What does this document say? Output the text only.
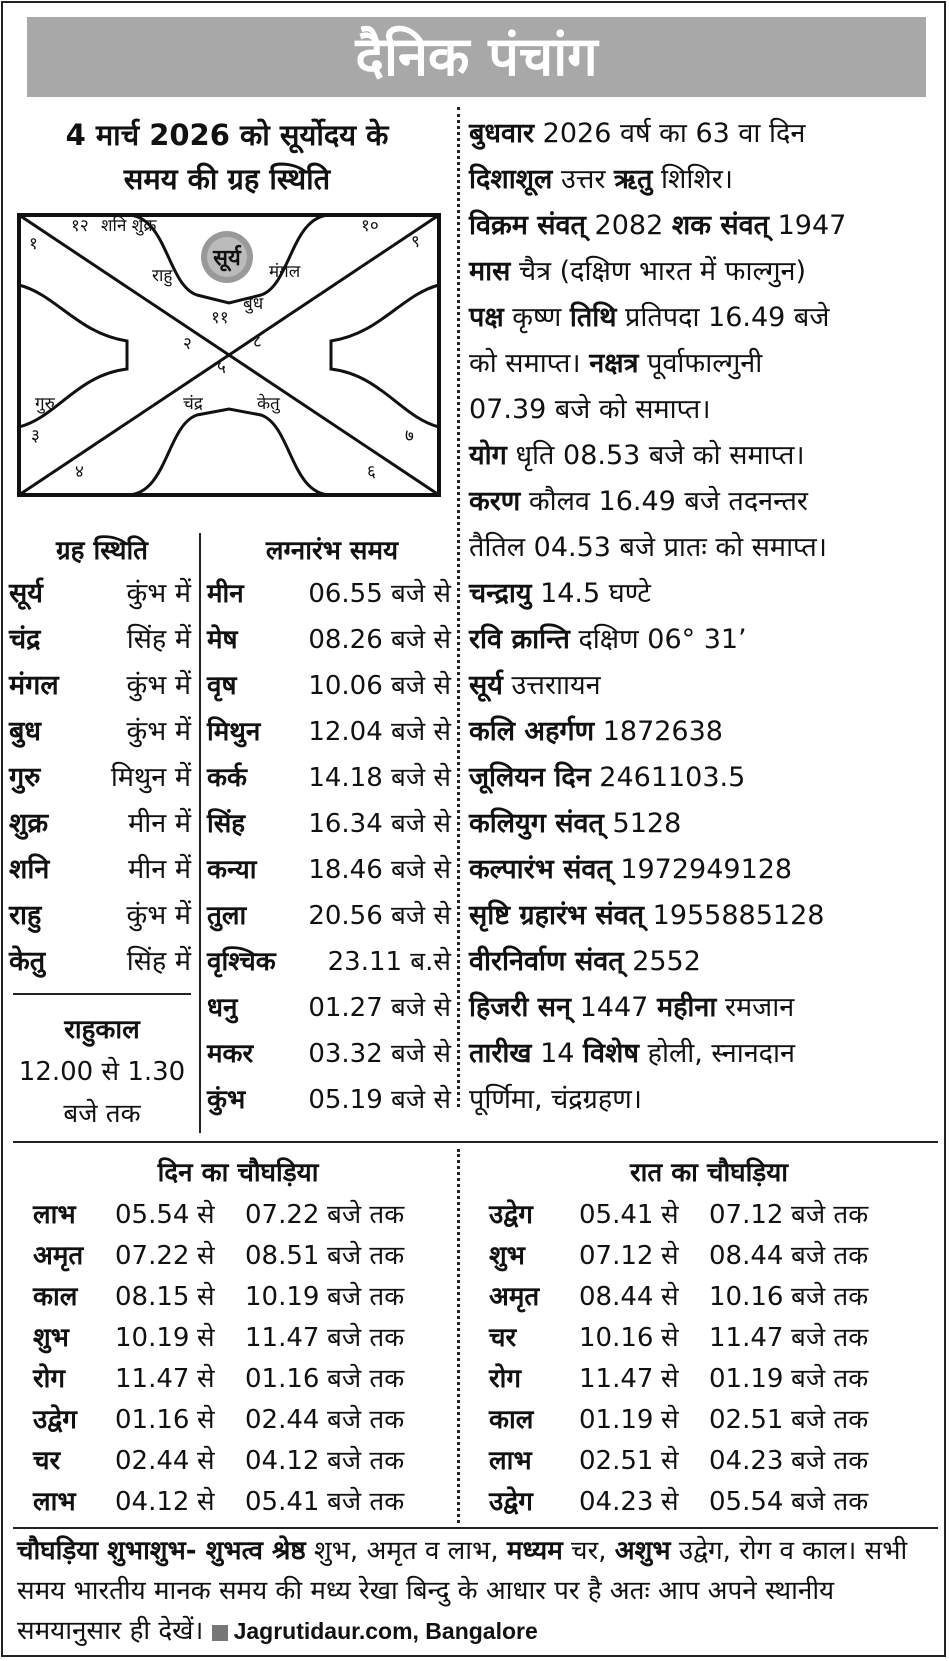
दैनिक पंचांग
4 मार्च 2026 को सूर्योदय के
समय की ग्रह स्थिति
सूर्य
१२ शनि शुक्र
१
१०
९
राहु	मंगल
बुध
११
२	८
५
गुरु
३
चंद्र	केतु
७
४	६

बुधवार 2026 वर्ष का 63 वा दिन

दिशाशूल उत्तर ऋतु शिशिर।

विक्रम संवत् 2082 शक संवत् 1947

मास चैत्र (दक्षिण भारत में फाल्गुन)

पक्ष कृष्ण तिथि प्रतिपदा 16.49 बजे

को समाप्त। नक्षत्र पूर्वाफाल्गुनी

07.39 बजे को समाप्त।

योग धृति 08.53 बजे को समाप्त।

करण कौलव 16.49 बजे तदनन्तर

तैतिल 04.53 बजे प्रातः को समाप्त।

चन्द्रायु 14.5 घण्टे

रवि क्रान्ति दक्षिण 06° 31’

सूर्य उत्तराायन

कलि अहर्गण 1872638

जूलियन दिन 2461103.5

कलियुग संवत् 5128

कल्पारंभ संवत् 1972949128

सृष्टि ग्रहारंभ संवत् 1955885128

वीरनिर्वाण संवत् 2552

हिजरी सन् 1447 महीना रमजान

तारीख 14 विशेष होली, स्नानदान

पूर्णिमा, चंद्रग्रहण।

ग्रह स्थिति
सूर्य	कुंभ में
चंद्र	सिंह में
मंगल	कुंभ में
बुध	कुंभ में
गुरु	मिथुन में
शुक्र	मीन में
शनि	मीन में
राहु	कुंभ में
केतु	सिंह में
राहुकाल
12.00 से 1.30
बजे तक
लग्नारंभ समय
मीन 06.55 बजे से
मेष	08.26 बजे से
वृष	10.06 बजे से
मिथुन 12.04 बजे से
कर्क 14.18 बजे से
सिंह 16.34 बजे से
कन्या 18.46 बजे से
तुला 20.56 बजे से
वृश्चिक 23.11 ब.से
धनु	01.27 बजे से
मकर 03.32 बजे से
कुंभ 05.19 बजे से
दिन का चौघड़िया
लाभ	05.54 से	07.22 बजे तक
अमृत	07.22 से	08.51 बजे तक
काल	08.15 से	10.19 बजे तक
शुभ	10.19 से	11.47 बजे तक
रोग	11.47 से	01.16 बजे तक
उद्वेग	01.16 से	02.44 बजे तक
चर	02.44 से	04.12 बजे तक
लाभ	04.12 से	05.41 बजे तक
रात का चौघड़िया
उद्वेग	05.41 से	07.12 बजे तक
शुभ	07.12 से	08.44 बजे तक
अमृत	08.44 से	10.16 बजे तक
चर	10.16 से	11.47 बजे तक
रोग	11.47 से	01.19 बजे तक
काल	01.19 से	02.51 बजे तक
लाभ	02.51 से	04.23 बजे तक
उद्वेग	04.23 से	05.54 बजे तक
चौघड़िया शुभाशुभ- शुभत्व श्रेष्ठ शुभ, अमृत व लाभ, मध्यम चर, अशुभ उद्वेग, रोग व काल। सभी समय भारतीय मानक समय की मध्य रेखा बिन्दु के आधार पर है अतः आप अपने स्थानीय समयानुसार ही देखें। Jagrutidaur.com, Bangalore
